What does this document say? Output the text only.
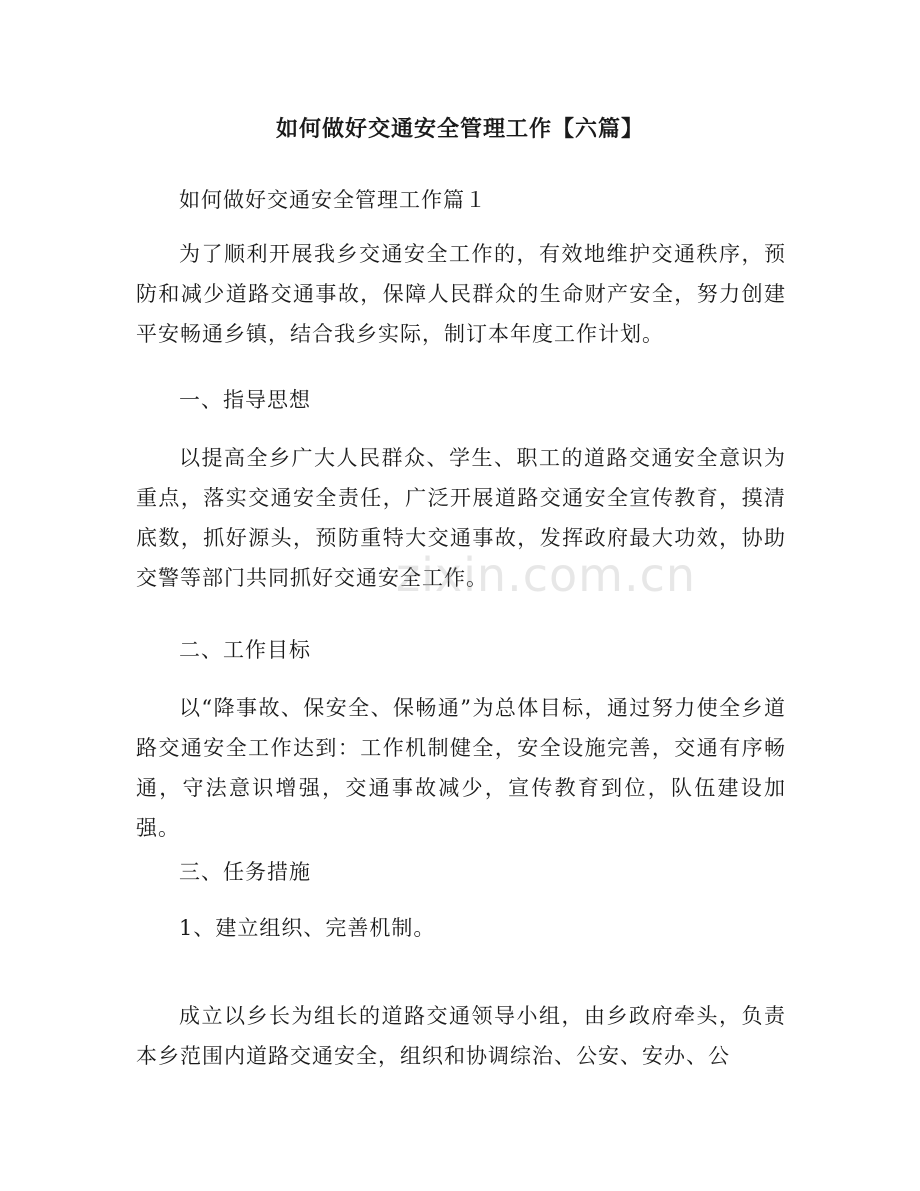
如何做好交通安全管理工作【六篇】

如何做好交通安全管理工作篇１

为了顺利开展我乡交通安全工作的，有效地维护交通秩序，预防和减少道路交通事故，保障人民群众的生命财产安全，努力创建平安畅通乡镇，结合我乡实际，制订本年度工作计划。

一、指导思想

以提高全乡广大人民群众、学生、职工的道路交通安全意识为重点，落实交通安全责任，广泛开展道路交通安全宣传教育，摸清底数，抓好源头，预防重特大交通事故，发挥政府最大功效，协助交警等部门共同抓好交通安全工作。

二、工作目标

以“降事故、保安全、保畅通”为总体目标，通过努力使全乡道路交通安全工作达到：工作机制健全，安全设施完善，交通有序畅通，守法意识增强，交通事故减少，宣传教育到位，队伍建设加强。

三、任务措施

1、建立组织、完善机制。

成立以乡长为组长的道路交通领导小组，由乡政府牵头，负责本乡范围内道路交通安全，组织和协调综治、公安、安办、公

zixin.com.cn
